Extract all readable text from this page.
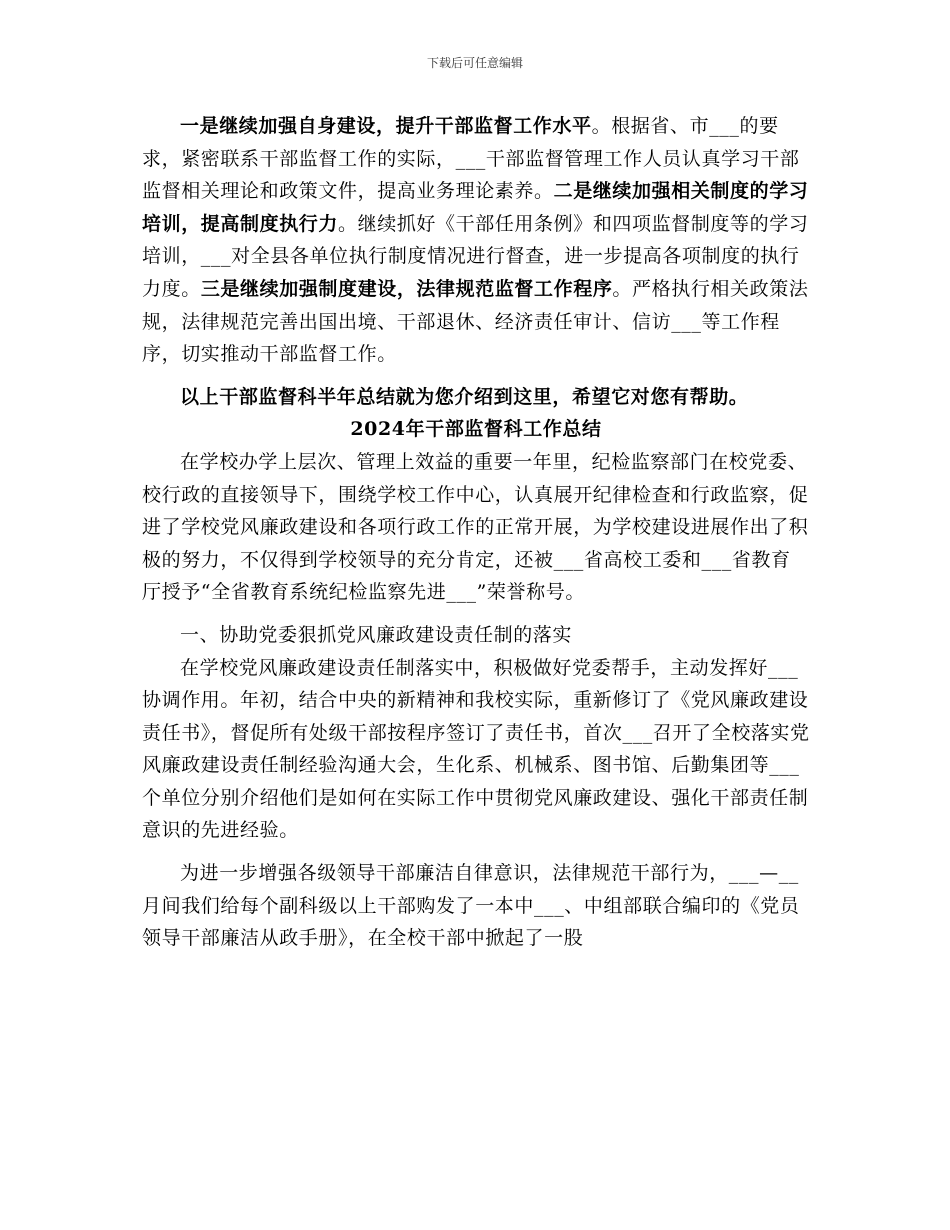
下载后可任意编辑

一是继续加强自身建设，提升干部监督工作水平。根据省、市___的要求，紧密联系干部监督工作的实际，___干部监督管理工作人员认真学习干部监督相关理论和政策文件，提高业务理论素养。二是继续加强相关制度的学习培训，提高制度执行力。继续抓好《干部任用条例》和四项监督制度等的学习培训，___对全县各单位执行制度情况进行督查，进一步提高各项制度的执行力度。三是继续加强制度建设，法律规范监督工作程序。严格执行相关政策法规，法律规范完善出国出境、干部退休、经济责任审计、信访___等工作程序，切实推动干部监督工作。

以上干部监督科半年总结就为您介绍到这里，希望它对您有帮助。

2024年干部监督科工作总结

在学校办学上层次、管理上效益的重要一年里，纪检监察部门在校党委、校行政的直接领导下，围绕学校工作中心，认真展开纪律检查和行政监察，促进了学校党风廉政建设和各项行政工作的正常开展，为学校建设进展作出了积极的努力，不仅得到学校领导的充分肯定，还被___省高校工委和___省教育厅授予“全省教育系统纪检监察先进___”荣誉称号。

一、协助党委狠抓党风廉政建设责任制的落实

在学校党风廉政建设责任制落实中，积极做好党委帮手，主动发挥好___协调作用。年初，结合中央的新精神和我校实际，重新修订了《党风廉政建设责任书》，督促所有处级干部按程序签订了责任书，首次___召开了全校落实党风廉政建设责任制经验沟通大会，生化系、机械系、图书馆、后勤集团等___个单位分别介绍他们是如何在实际工作中贯彻党风廉政建设、强化干部责任制意识的先进经验。

为进一步增强各级领导干部廉洁自律意识，法律规范干部行为，___—__月间我们给每个副科级以上干部购发了一本中___、中组部联合编印的《党员领导干部廉洁从政手册》，在全校干部中掀起了一股
